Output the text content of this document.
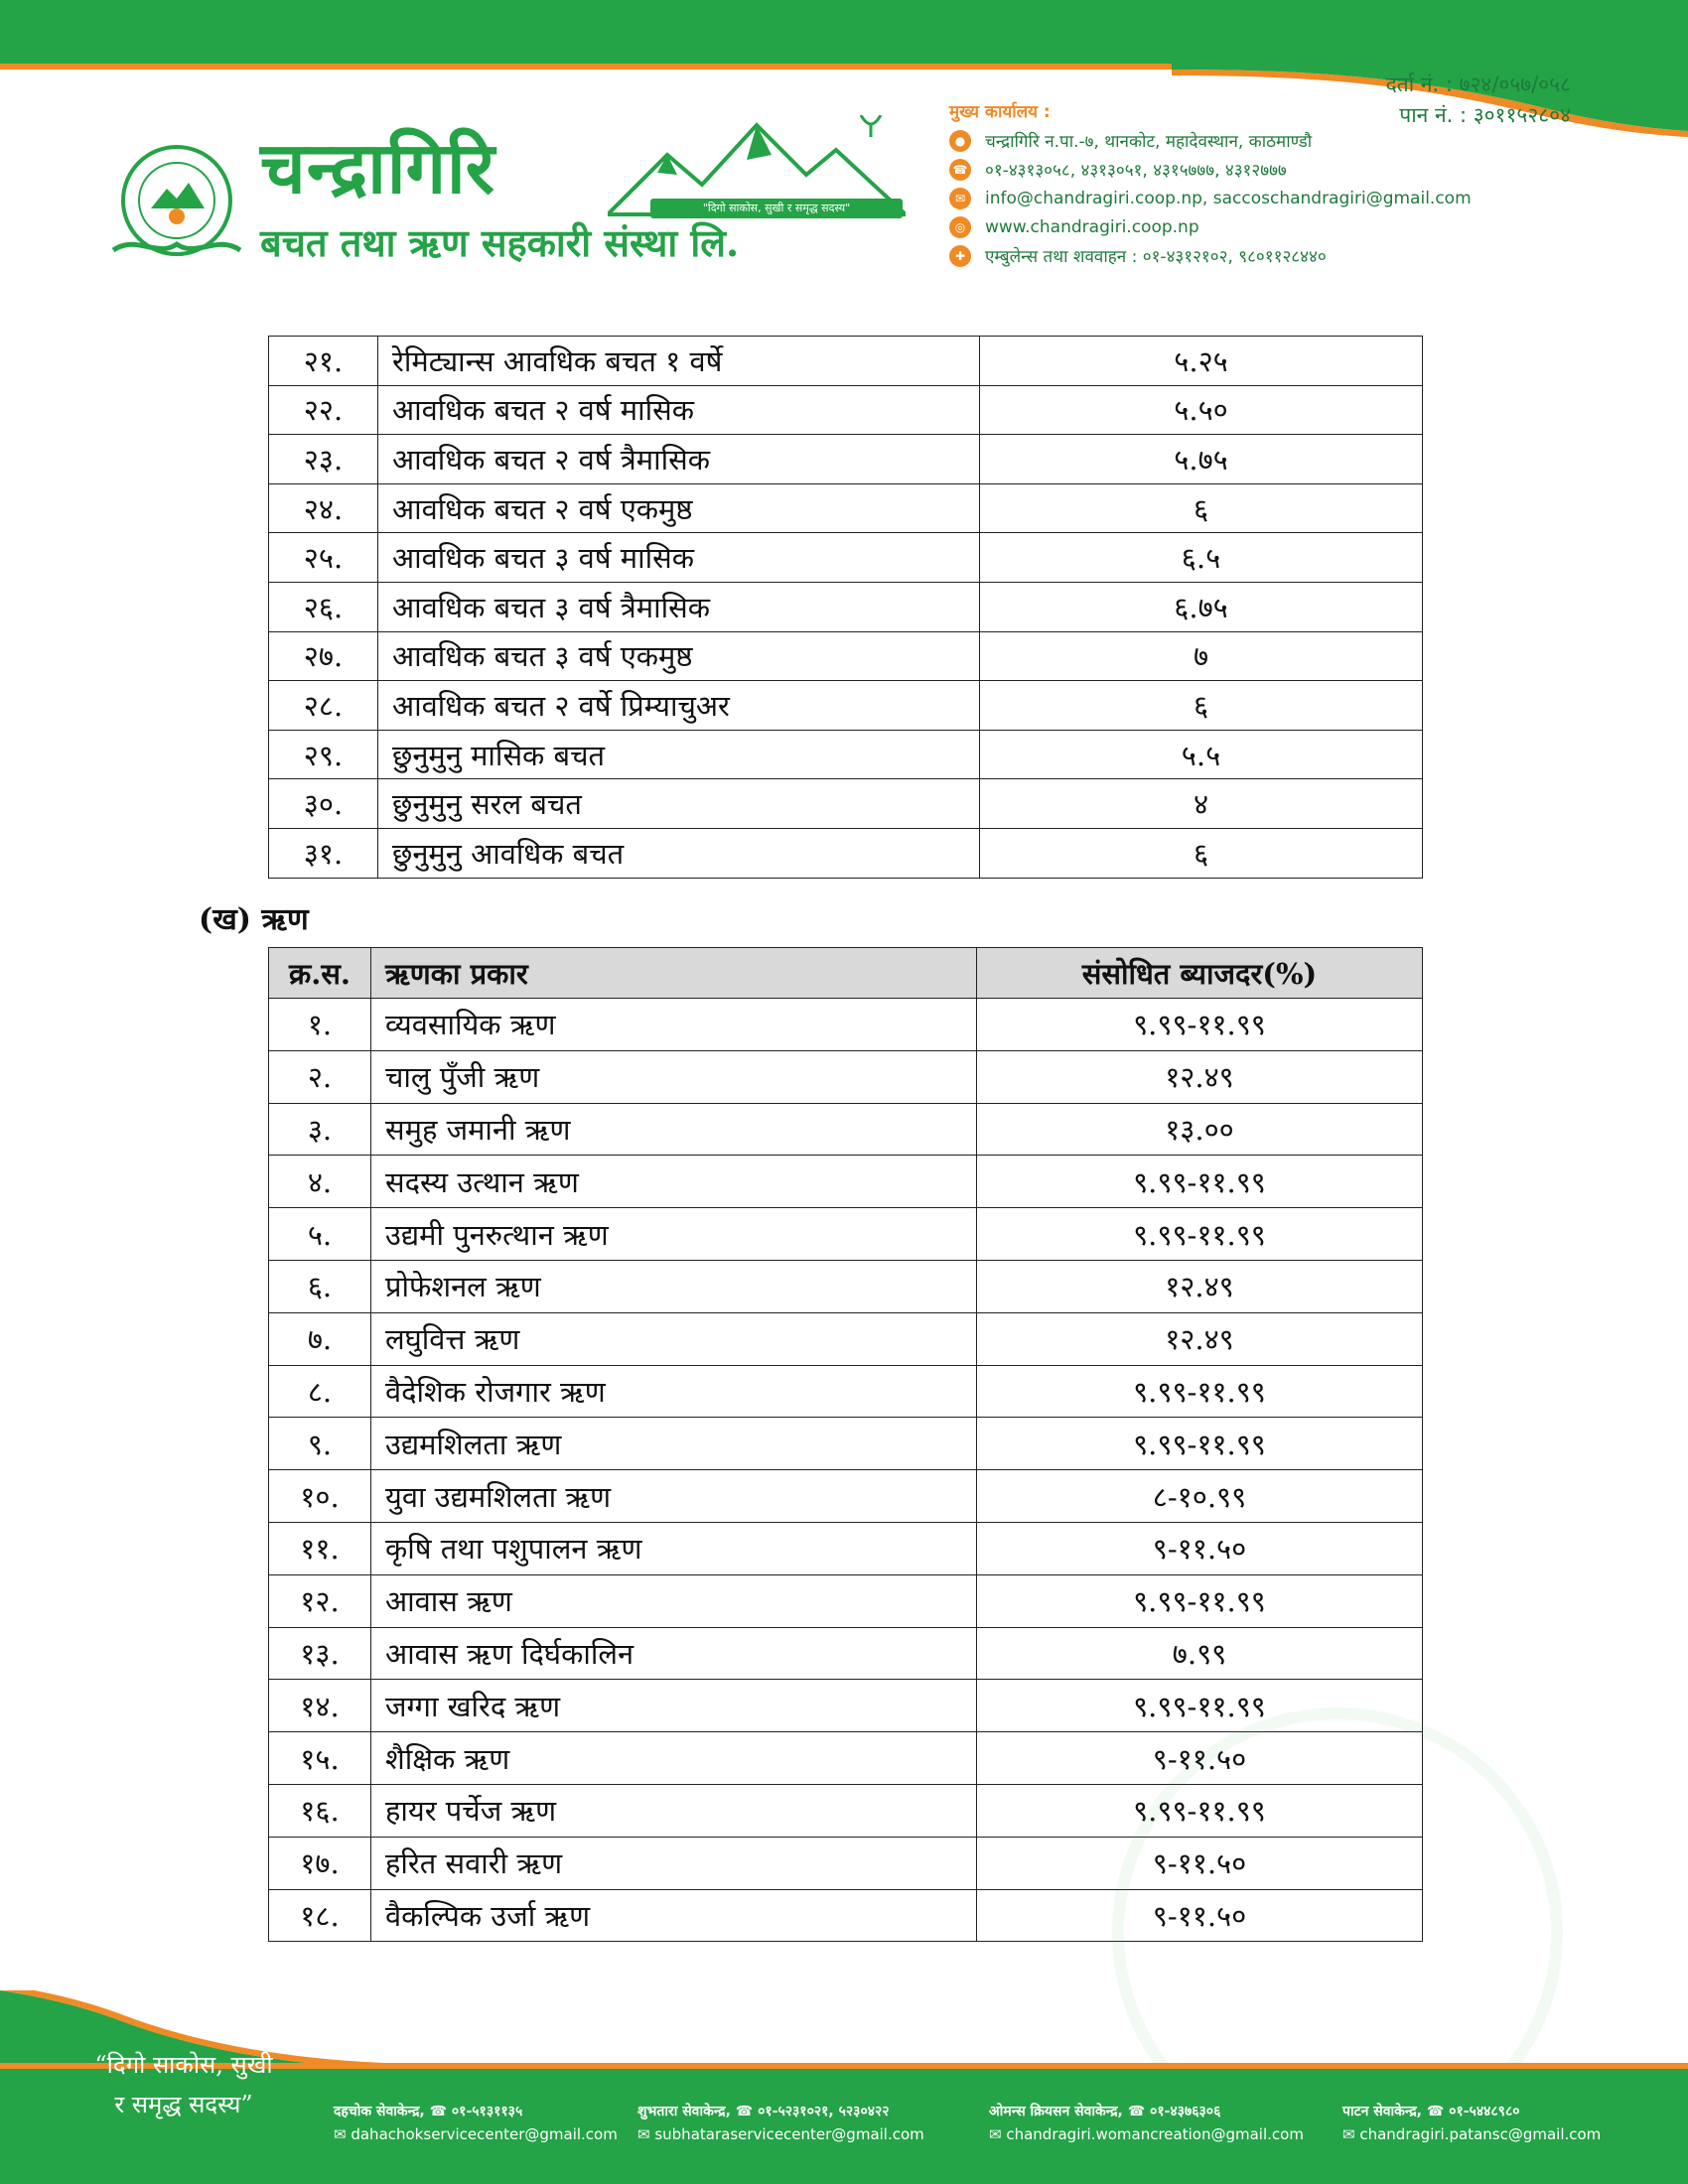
दर्ता नं. : ७२४/०५७/०५८
पान नं. : ३०११५२८०४
चन्द्रागिरि
बचत तथा ऋण सहकारी संस्था लि.
"दिगो साकोस, सुखी र समृद्ध सदस्य"
मुख्य कार्यालय :
●	चन्द्रागिरि न.पा.-७, थानकोट, महादेवस्थान, काठमाण्डौ
☎ ०१-४३१३०५८, ४३१३०५१, ४३१५७७७, ४३१२७७७
✉	info@chandragiri.coop.np, saccoschandragiri@gmail.com
◎	www.chandragiri.coop.np
✚	एम्बुलेन्स तथा शववाहन : ०१-४३१२१०२, ९८०११२८४४०
२१.	रेमिट्यान्स आवधिक बचत १ वर्षे	५.२५
२२.	आवधिक बचत २ वर्ष मासिक	५.५०
२३.	आवधिक बचत २ वर्ष त्रैमासिक	५.७५
२४.	आवधिक बचत २ वर्ष एकमुष्ठ	६
२५.	आवधिक बचत ३ वर्ष मासिक	६.५
२६.	आवधिक बचत ३ वर्ष त्रैमासिक	६.७५
२७.	आवधिक बचत ३ वर्ष एकमुष्ठ	७
२८.	आवधिक बचत २ वर्षे प्रिम्याचुअर	६
२९.	छुनुमुनु मासिक बचत	५.५
३०.	छुनुमुनु सरल बचत	४
३१.	छुनुमुनु आवधिक बचत	६
(ख) ऋण
क्र.स.	ऋणका प्रकार	संसोधित ब्याजदर(%)
१.	व्यवसायिक ऋण	९.९९-११.९९
२.	चालु पुँजी ऋण	१२.४९
३.	समुह जमानी ऋण	१३.००
४.	सदस्य उत्थान ऋण	९.९९-११.९९
५.	उद्यमी पुनरुत्थान ऋण	९.९९-११.९९
६.	प्रोफेशनल ऋण	१२.४९
७.	लघुवित्त ऋण	१२.४९
८.	वैदेशिक रोजगार ऋण	९.९९-११.९९
९.	उद्यमशिलता ऋण	९.९९-११.९९
१०.	युवा उद्यमशिलता ऋण	८-१०.९९
११.	कृषि तथा पशुपालन ऋण	९-११.५०
१२.	आवास ऋण	९.९९-११.९९
१३.	आवास ऋण दिर्घकालिन	७.९९
१४.	जग्गा खरिद ऋण	९.९९-११.९९
१५.	शैक्षिक ऋण	९-११.५०
१६.	हायर पर्चेज ऋण	९.९९-११.९९
१७.	हरित सवारी ऋण	९-११.५०
१८.	वैकल्पिक उर्जा ऋण	९-११.५०
“दिगो साकोस, सुखी
र समृद्ध सदस्य”	दहचोक सेवाकेन्द्र, ☎ ०१-५१३११३५
✉ dahachokservicecenter@gmail.com
शुभतारा सेवाकेन्द्र, ☎ ०१-५२३१०२१, ५२३०४२२
✉ subhataraservicecenter@gmail.com
ओमन्स क्रियसन सेवाकेन्द्र, ☎ ०१-४३७६३०६
✉ chandragiri.womancreation@gmail.com
पाटन सेवाकेन्द्र, ☎ ०१-५४४८९८०
✉ chandragiri.patansc@gmail.com
